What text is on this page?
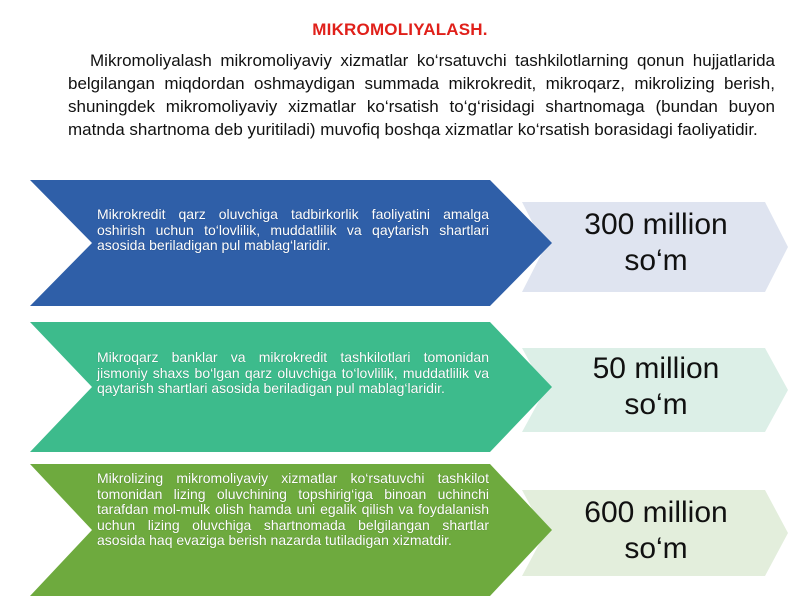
MIKROMOLIYALASH.
Mikromoliyalash mikromoliyaviy xizmatlar ko‘rsatuvchi tashkilotlarning qonun hujjatlarida belgilangan miqdordan oshmaydigan summada mikrokredit, mikroqarz, mikrolizing berish, shuningdek mikromoliyaviy xizmatlar ko‘rsatish to‘g‘risidagi shartnomaga (bundan buyon matnda shartnoma deb yuritiladi) muvofiq boshqa xizmatlar ko‘rsatish borasidagi faoliyatidir.
Mikrokredit qarz oluvchiga tadbirkorlik faoliyatini amalga oshirish uchun to‘lovlilik, muddatlilik va qaytarish shartlari asosida beriladigan pul mablag‘laridir.
300 million
so‘m
Mikroqarz banklar va mikrokredit tashkilotlari tomonidan jismoniy shaxs bo‘lgan qarz oluvchiga to‘lovlilik, muddatlilik va qaytarish shartlari asosida beriladigan pul mablag‘laridir.
50 million
so‘m
Mikrolizing mikromoliyaviy xizmatlar ko‘rsatuvchi tashkilot tomonidan lizing oluvchining topshirig‘iga binoan uchinchi tarafdan mol-mulk olish hamda uni egalik qilish va foydalanish uchun lizing oluvchiga shartnomada belgilangan shartlar asosida haq evaziga berish nazarda tutiladigan xizmatdir.
600 million
so‘m
